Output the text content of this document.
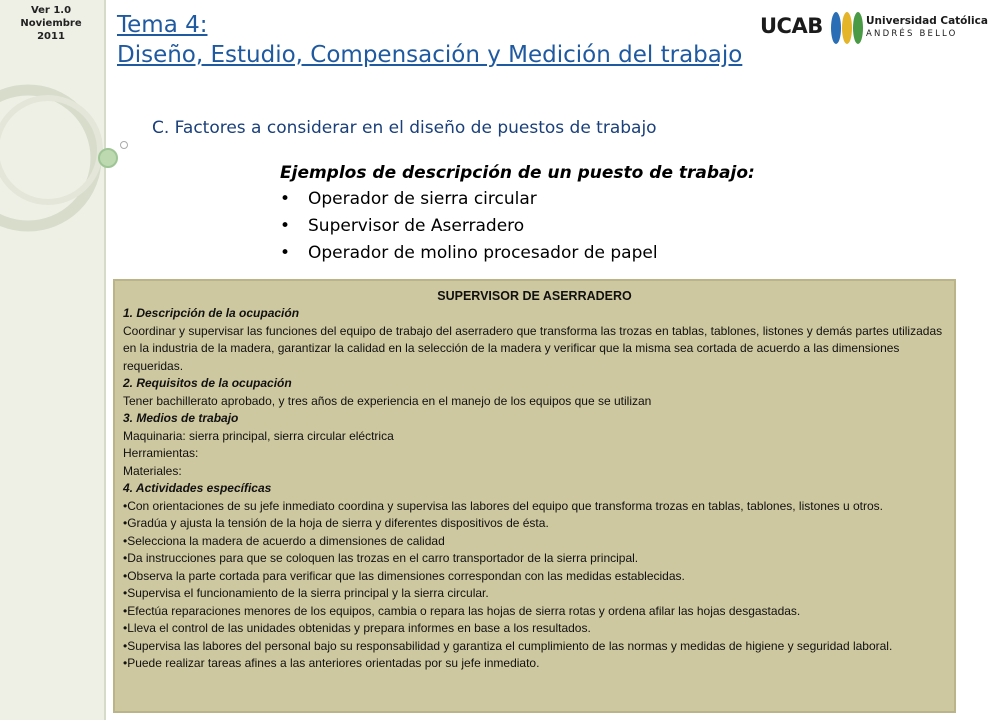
Ver 1.0
Noviembre
2011	Tema 4:
Diseño, Estudio, Compensación y Medición del trabajo
UCAB	Universidad Católica
ANDRÉS BELLO
C. Factores a considerar en el diseño de puestos de trabajo
Ejemplos de descripción de un puesto de trabajo:
• Operador de sierra circular
• Supervisor de Aserradero
• Operador de molino procesador de papel
SUPERVISOR DE ASERRADERO

1. Descripción de la ocupación

Coordinar y supervisar las funciones del equipo de trabajo del aserradero que transforma las trozas en tablas, tablones, listones y demás partes utilizadas en la industria de la madera, garantizar la calidad en la selección de la madera y verificar que la misma sea cortada de acuerdo a las dimensiones requeridas.

2. Requisitos de la ocupación

Tener bachillerato aprobado, y tres años de experiencia en el manejo de los equipos que se utilizan

3. Medios de trabajo

Maquinaria: sierra principal, sierra circular eléctrica

Herramientas:

Materiales:

4. Actividades específicas

•Con orientaciones de su jefe inmediato coordina y supervisa las labores del equipo que transforma trozas en tablas, tablones, listones u otros.

•Gradúa y ajusta la tensión de la hoja de sierra y diferentes dispositivos de ésta.

•Selecciona la madera de acuerdo a dimensiones de calidad

•Da instrucciones para que se coloquen las trozas en el carro transportador de la sierra principal.

•Observa la parte cortada para verificar que las dimensiones correspondan con las medidas establecidas.

•Supervisa el funcionamiento de la sierra principal y la sierra circular.

•Efectúa reparaciones menores de los equipos, cambia o repara las hojas de sierra rotas y ordena afilar las hojas desgastadas.

•Lleva el control de las unidades obtenidas y prepara informes en base a los resultados.

•Supervisa las labores del personal bajo su responsabilidad y garantiza el cumplimiento de las normas y medidas de higiene y seguridad laboral.

•Puede realizar tareas afines a las anteriores orientadas por su jefe inmediato.
